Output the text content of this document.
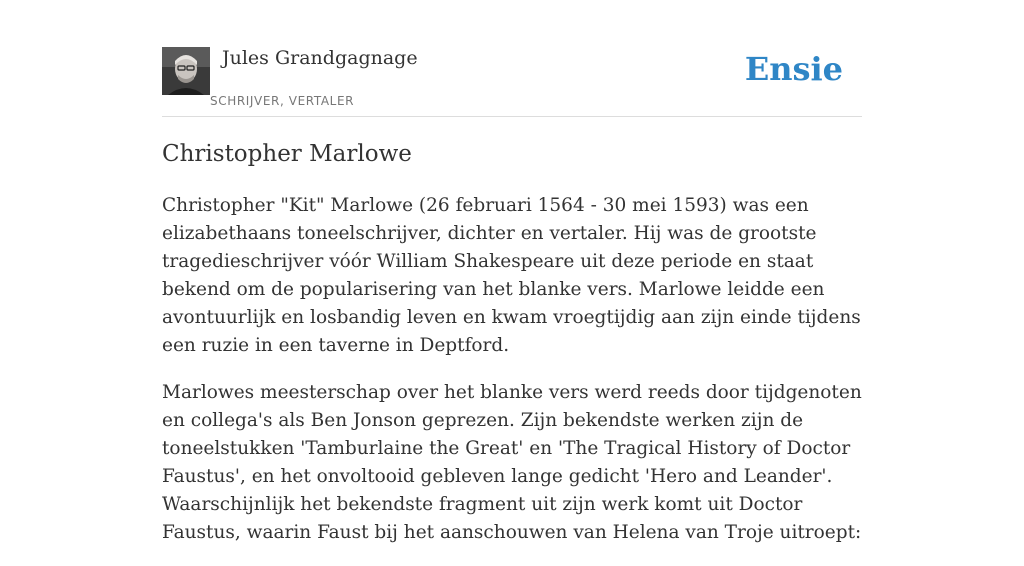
Jules Grandgagnage
SCHRIJVER, VERTALER
Ensie
Christopher Marlowe

Christopher "Kit" Marlowe (26 februari 1564 - 30 mei 1593) was een elizabethaans toneelschrijver, dichter en vertaler. Hij was de grootste tragedieschrijver vóór William Shakespeare uit deze periode en staat bekend om de popularisering van het blanke vers. Marlowe leidde een avontuurlijk en losbandig leven en kwam vroegtijdig aan zijn einde tijdens een ruzie in een taverne in Deptford.

Marlowes meesterschap over het blanke vers werd reeds door tijdgenoten en collega's als Ben Jonson geprezen. Zijn bekendste werken zijn de toneelstukken 'Tamburlaine the Great' en 'The Tragical History of Doctor Faustus', en het onvoltooid gebleven lange gedicht 'Hero and Leander'. Waarschijnlijk het bekendste fragment uit zijn werk komt uit Doctor Faustus, waarin Faust bij het aanschouwen van Helena van Troje uitroept:
